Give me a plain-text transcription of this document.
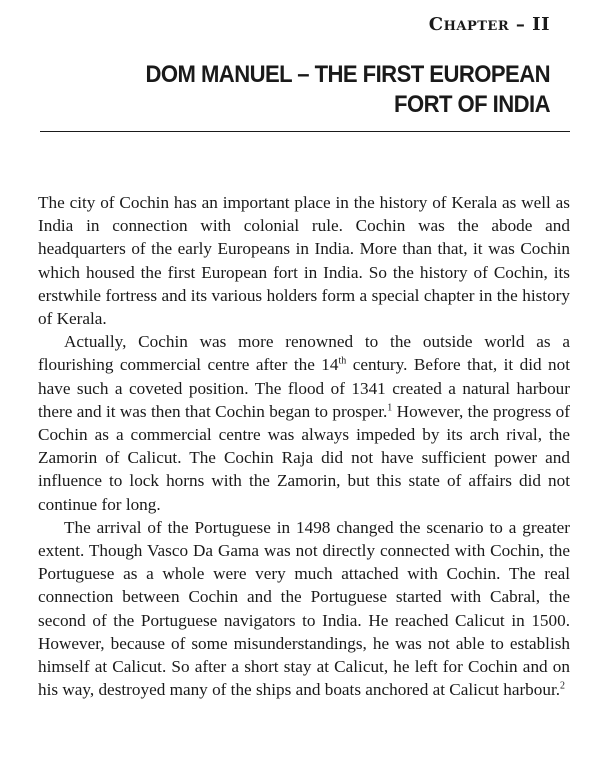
Chapter – II
DOM MANUEL – THE FIRST EUROPEAN
FORT OF INDIA

The city of Cochin has an important place in the history of Kerala as well as India in connection with colonial rule. Cochin was the abode and headquarters of the early Europeans in India. More than that, it was Cochin which housed the first European fort in India. So the history of Cochin, its erstwhile fortress and its various holders form a special chapter in the history of Kerala.

Actually, Cochin was more renowned to the outside world as a flourishing commercial centre after the 14th century. Before that, it did not have such a coveted position. The flood of 1341 created a natural harbour there and it was then that Cochin began to prosper.$^1$ However, the progress of Cochin as a commercial centre was always impeded by its arch rival, the Zamorin of Calicut. The Cochin Raja did not have sufficient power and influence to lock horns with the Zamorin, but this state of affairs did not continue for long.

The arrival of the Portuguese in 1498 changed the scenario to a greater extent. Though Vasco Da Gama was not directly connected with Cochin, the Portuguese as a whole were very much attached with Cochin. The real connection between Cochin and the Portuguese started with Cabral, the second of the Portuguese navigators to India. He reached Calicut in 1500. However, because of some misunderstandings, he was not able to establish himself at Calicut. So after a short stay at Calicut, he left for Cochin and on his way, destroyed many of the ships and boats anchored at Calicut harbour.$^2$
